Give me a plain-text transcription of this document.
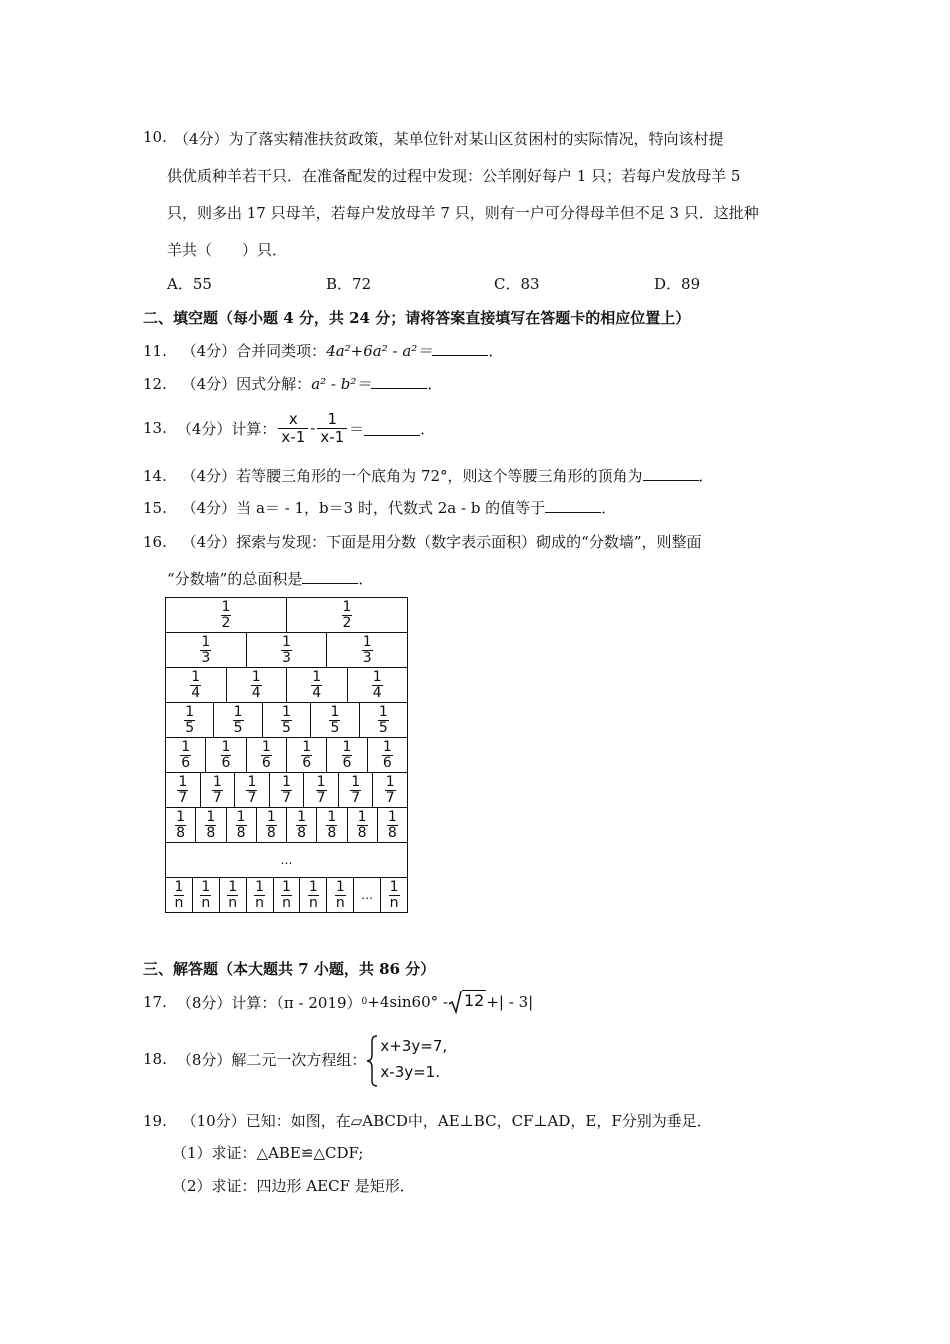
10. （4分）为了落实精准扶贫政策，某单位针对某山区贫困村的实际情况，特向该村提
供优质种羊若干只．在准备配发的过程中发现：公羊刚好每户 1 只；若每户发放母羊 5
只，则多出 17 只母羊，若每户发放母羊 7 只，则有一户可分得母羊但不足 3 只．这批种
羊共（　　）只．
A．55	B．72	C．83	D．89
二、填空题（每小题 4 分，共 24 分；请将答案直接填写在答题卡的相应位置上）
11. （4分）合并同类项：4a²+6a² - a²＝	．
12. （4分）因式分解：a² - b²＝	．
13. （4分）计算： $\frac{x}{x-1} - \frac{1}{x-1}$ ＝	．
14. （4分）若等腰三角形的一个底角为 72°，则这个等腰三角形的顶角为	．
15. （4分）当 a＝ - 1，b＝3 时，代数式 2a - b 的值等于	．
16. （4分）探索与发现：下面是用分数（数字表示面积）砌成的“分数墙”，则整面
“分数墙”的总面积是	．
$\frac{1}{2}$	$\frac{1}{2}$
$\frac{1}{3}$	$\frac{1}{3}$	$\frac{1}{3}$
$\frac{1}{4}$	$\frac{1}{4}$	$\frac{1}{4}$	$\frac{1}{4}$
$\frac{1}{5}$	$\frac{1}{5}$	$\frac{1}{5}$	$\frac{1}{5}$	$\frac{1}{5}$
$\frac{1}{6} \frac{1}{6} \frac{1}{6} \frac{1}{6} \frac{1}{6} \frac{1}{6}$
$\frac{1}{7} \frac{1}{7} \frac{1}{7} \frac{1}{7} \frac{1}{7} \frac{1}{7} \frac{1}{7}$
$\frac{1}{8} \frac{1}{8} \frac{1}{8} \frac{1}{8} \frac{1}{8} \frac{1}{8} \frac{1}{8} \frac{1}{8}$
…
$\frac{1}{n} \frac{1}{n} \frac{1}{n} \frac{1}{n} \frac{1}{n} \frac{1}{n} \frac{1}{n}$ … $\frac{1}{n}$
三、解答题（本大题共 7 小题，共 86 分）
17. （8分）计算：（π - 2019） 0 +4sin60° -	12 +| - 3|
18. （8分）解二元一次方程组：
x+3y=7,
x-3y=1.
19. （10分）已知：如图，在▱ABCD中，AE⊥BC，CF⊥AD，E，F分别为垂足．
（1）求证：△ABE≌△CDF;
（2）求证：四边形 AECF 是矩形．
